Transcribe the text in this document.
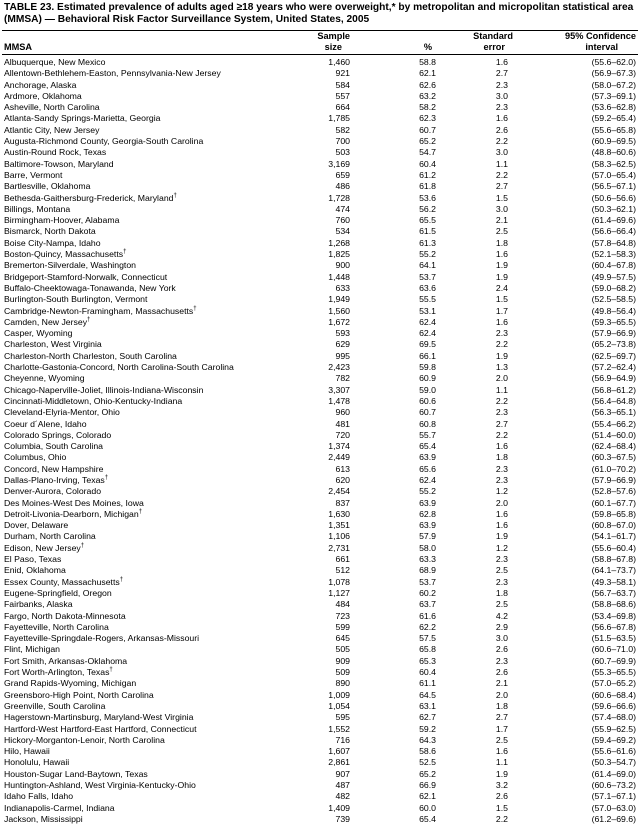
TABLE 23. Estimated prevalence of adults aged ≥18 years who were overweight,* by metropolitan and micropolitan statistical area (MMSA) — Behavioral Risk Factor Surveillance System, United States, 2005
Sample	Standard	95% Confidence
MMSA	size	%	error	interval
Albuquerque, New Mexico	1,460	58.8	1.6	(55.6–62.0)
Allentown-Bethlehem-Easton, Pennsylvania-New Jersey	921	62.1	2.7	(56.9–67.3)
Anchorage, Alaska	584	62.6	2.3	(58.0–67.2)
Ardmore, Oklahoma	557	63.2	3.0	(57.3–69.1)
Asheville, North Carolina	664	58.2	2.3	(53.6–62.8)
Atlanta-Sandy Springs-Marietta, Georgia	1,785	62.3	1.6	(59.2–65.4)
Atlantic City, New Jersey	582	60.7	2.6	(55.6–65.8)
Augusta-Richmond County, Georgia-South Carolina	700	65.2	2.2	(60.9–69.5)
Austin-Round Rock, Texas	503	54.7	3.0	(48.8–60.6)
Baltimore-Towson, Maryland	3,169	60.4	1.1	(58.3–62.5)
Barre, Vermont	659	61.2	2.2	(57.0–65.4)
Bartlesville, Oklahoma	486	61.8	2.7	(56.5–67.1)
Bethesda-Gaithersburg-Frederick, Maryland†	1,728	53.6	1.5	(50.6–56.6)
Billings, Montana	474	56.2	3.0	(50.3–62.1)
Birmingham-Hoover, Alabama	760	65.5	2.1	(61.4–69.6)
Bismarck, North Dakota	534	61.5	2.5	(56.6–66.4)
Boise City-Nampa, Idaho	1,268	61.3	1.8	(57.8–64.8)
Boston-Quincy, Massachusetts†	1,825	55.2	1.6	(52.1–58.3)
Bremerton-Silverdale, Washington	900	64.1	1.9	(60.4–67.8)
Bridgeport-Stamford-Norwalk, Connecticut	1,448	53.7	1.9	(49.9–57.5)
Buffalo-Cheektowaga-Tonawanda, New York	633	63.6	2.4	(59.0–68.2)
Burlington-South Burlington, Vermont	1,949	55.5	1.5	(52.5–58.5)
Cambridge-Newton-Framingham, Massachusetts†	1,560	53.1	1.7	(49.8–56.4)
Camden, New Jersey†	1,672	62.4	1.6	(59.3–65.5)
Casper, Wyoming	593	62.4	2.3	(57.9–66.9)
Charleston, West Virginia	629	69.5	2.2	(65.2–73.8)
Charleston-North Charleston, South Carolina	995	66.1	1.9	(62.5–69.7)
Charlotte-Gastonia-Concord, North Carolina-South Carolina	2,423	59.8	1.3	(57.2–62.4)
Cheyenne, Wyoming	782	60.9	2.0	(56.9–64.9)
Chicago-Naperville-Joliet, Illinois-Indiana-Wisconsin	3,307	59.0	1.1	(56.8–61.2)
Cincinnati-Middletown, Ohio-Kentucky-Indiana	1,478	60.6	2.2	(56.4–64.8)
Cleveland-Elyria-Mentor, Ohio	960	60.7	2.3	(56.3–65.1)
Coeur d´Alene, Idaho	481	60.8	2.7	(55.4–66.2)
Colorado Springs, Colorado	720	55.7	2.2	(51.4–60.0)
Columbia, South Carolina	1,374	65.4	1.6	(62.4–68.4)
Columbus, Ohio	2,449	63.9	1.8	(60.3–67.5)
Concord, New Hampshire	613	65.6	2.3	(61.0–70.2)
Dallas-Plano-Irving, Texas†	620	62.4	2.3	(57.9–66.9)
Denver-Aurora, Colorado	2,454	55.2	1.2	(52.8–57.6)
Des Moines-West Des Moines, Iowa	837	63.9	2.0	(60.1–67.7)
Detroit-Livonia-Dearborn, Michigan†	1,630	62.8	1.6	(59.8–65.8)
Dover, Delaware	1,351	63.9	1.6	(60.8–67.0)
Durham, North Carolina	1,106	57.9	1.9	(54.1–61.7)
Edison, New Jersey†	2,731	58.0	1.2	(55.6–60.4)
El Paso, Texas	661	63.3	2.3	(58.8–67.8)
Enid, Oklahoma	512	68.9	2.5	(64.1–73.7)
Essex County, Massachusetts†	1,078	53.7	2.3	(49.3–58.1)
Eugene-Springfield, Oregon	1,127	60.2	1.8	(56.7–63.7)
Fairbanks, Alaska	484	63.7	2.5	(58.8–68.6)
Fargo, North Dakota-Minnesota	723	61.6	4.2	(53.4–69.8)
Fayetteville, North Carolina	599	62.2	2.9	(56.6–67.8)
Fayetteville-Springdale-Rogers, Arkansas-Missouri	645	57.5	3.0	(51.5–63.5)
Flint, Michigan	505	65.8	2.6	(60.6–71.0)
Fort Smith, Arkansas-Oklahoma	909	65.3	2.3	(60.7–69.9)
Fort Worth-Arlington, Texas†	509	60.4	2.6	(55.3–65.5)
Grand Rapids-Wyoming, Michigan	890	61.1	2.1	(57.0–65.2)
Greensboro-High Point, North Carolina	1,009	64.5	2.0	(60.6–68.4)
Greenville, South Carolina	1,054	63.1	1.8	(59.6–66.6)
Hagerstown-Martinsburg, Maryland-West Virginia	595	62.7	2.7	(57.4–68.0)
Hartford-West Hartford-East Hartford, Connecticut	1,552	59.2	1.7	(55.9–62.5)
Hickory-Morganton-Lenoir, North Carolina	716	64.3	2.5	(59.4–69.2)
Hilo, Hawaii	1,607	58.6	1.6	(55.6–61.6)
Honolulu, Hawaii	2,861	52.5	1.1	(50.3–54.7)
Houston-Sugar Land-Baytown, Texas	907	65.2	1.9	(61.4–69.0)
Huntington-Ashland, West Virginia-Kentucky-Ohio	487	66.9	3.2	(60.6–73.2)
Idaho Falls, Idaho	482	62.1	2.6	(57.1–67.1)
Indianapolis-Carmel, Indiana	1,409	60.0	1.5	(57.0–63.0)
Jackson, Mississippi	739	65.4	2.2	(61.2–69.6)
